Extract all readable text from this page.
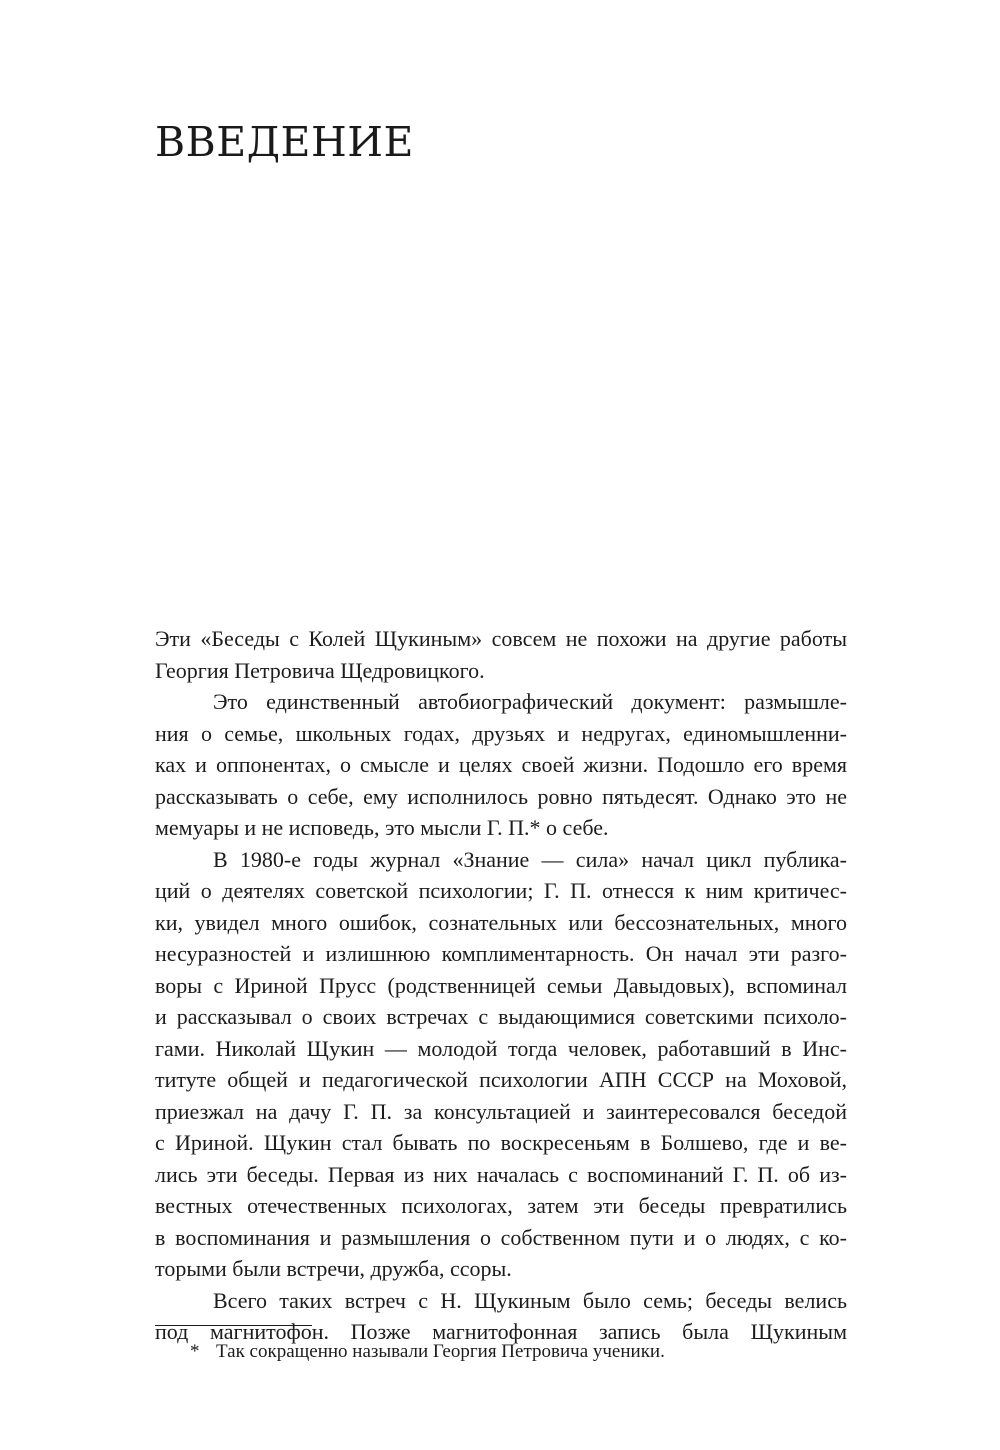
ВВЕДЕНИЕ
Эти «Беседы с Колей Щукиным» совсем не похожи на другие работы
Георгия Петровича Щедровицкого.
Это единственный автобиографический документ: размышле-
ния о семье, школьных годах, друзьях и недругах, единомышленни-
ках и оппонентах, о смысле и целях своей жизни. Подошло его время
рассказывать о себе, ему исполнилось ровно пятьдесят. Однако это не
мемуары и не исповедь, это мысли Г. П.* о себе.
В 1980-е годы журнал «Знание — сила» начал цикл публика-
ций о деятелях советской психологии; Г. П. отнесся к ним критичес-
ки, увидел много ошибок, сознательных или бессознательных, много
несуразностей и излишнюю комплиментарность. Он начал эти разго-
воры с Ириной Прусс (родственницей семьи Давыдовых), вспоминал
и рассказывал о своих встречах с выдающимися советскими психоло-
гами. Николай Щукин — молодой тогда человек, работавший в Инс-
титуте общей и педагогической психологии АПН СССР на Моховой,
приезжал на дачу Г. П. за консультацией и заинтересовался беседой
с Ириной. Щукин стал бывать по воскресеньям в Болшево, где и ве-
лись эти беседы. Первая из них началась с воспоминаний Г. П. об из-
вестных отечественных психологах, затем эти беседы превратились
в воспоминания и размышления о собственном пути и о людях, с ко-
торыми были встречи, дружба, ссоры.
Всего таких встреч с Н. Щукиным было семь; беседы велись
под магнитофон. Позже магнитофонная запись была Щукиным
* Так сокращенно называли Георгия Петровича ученики.
